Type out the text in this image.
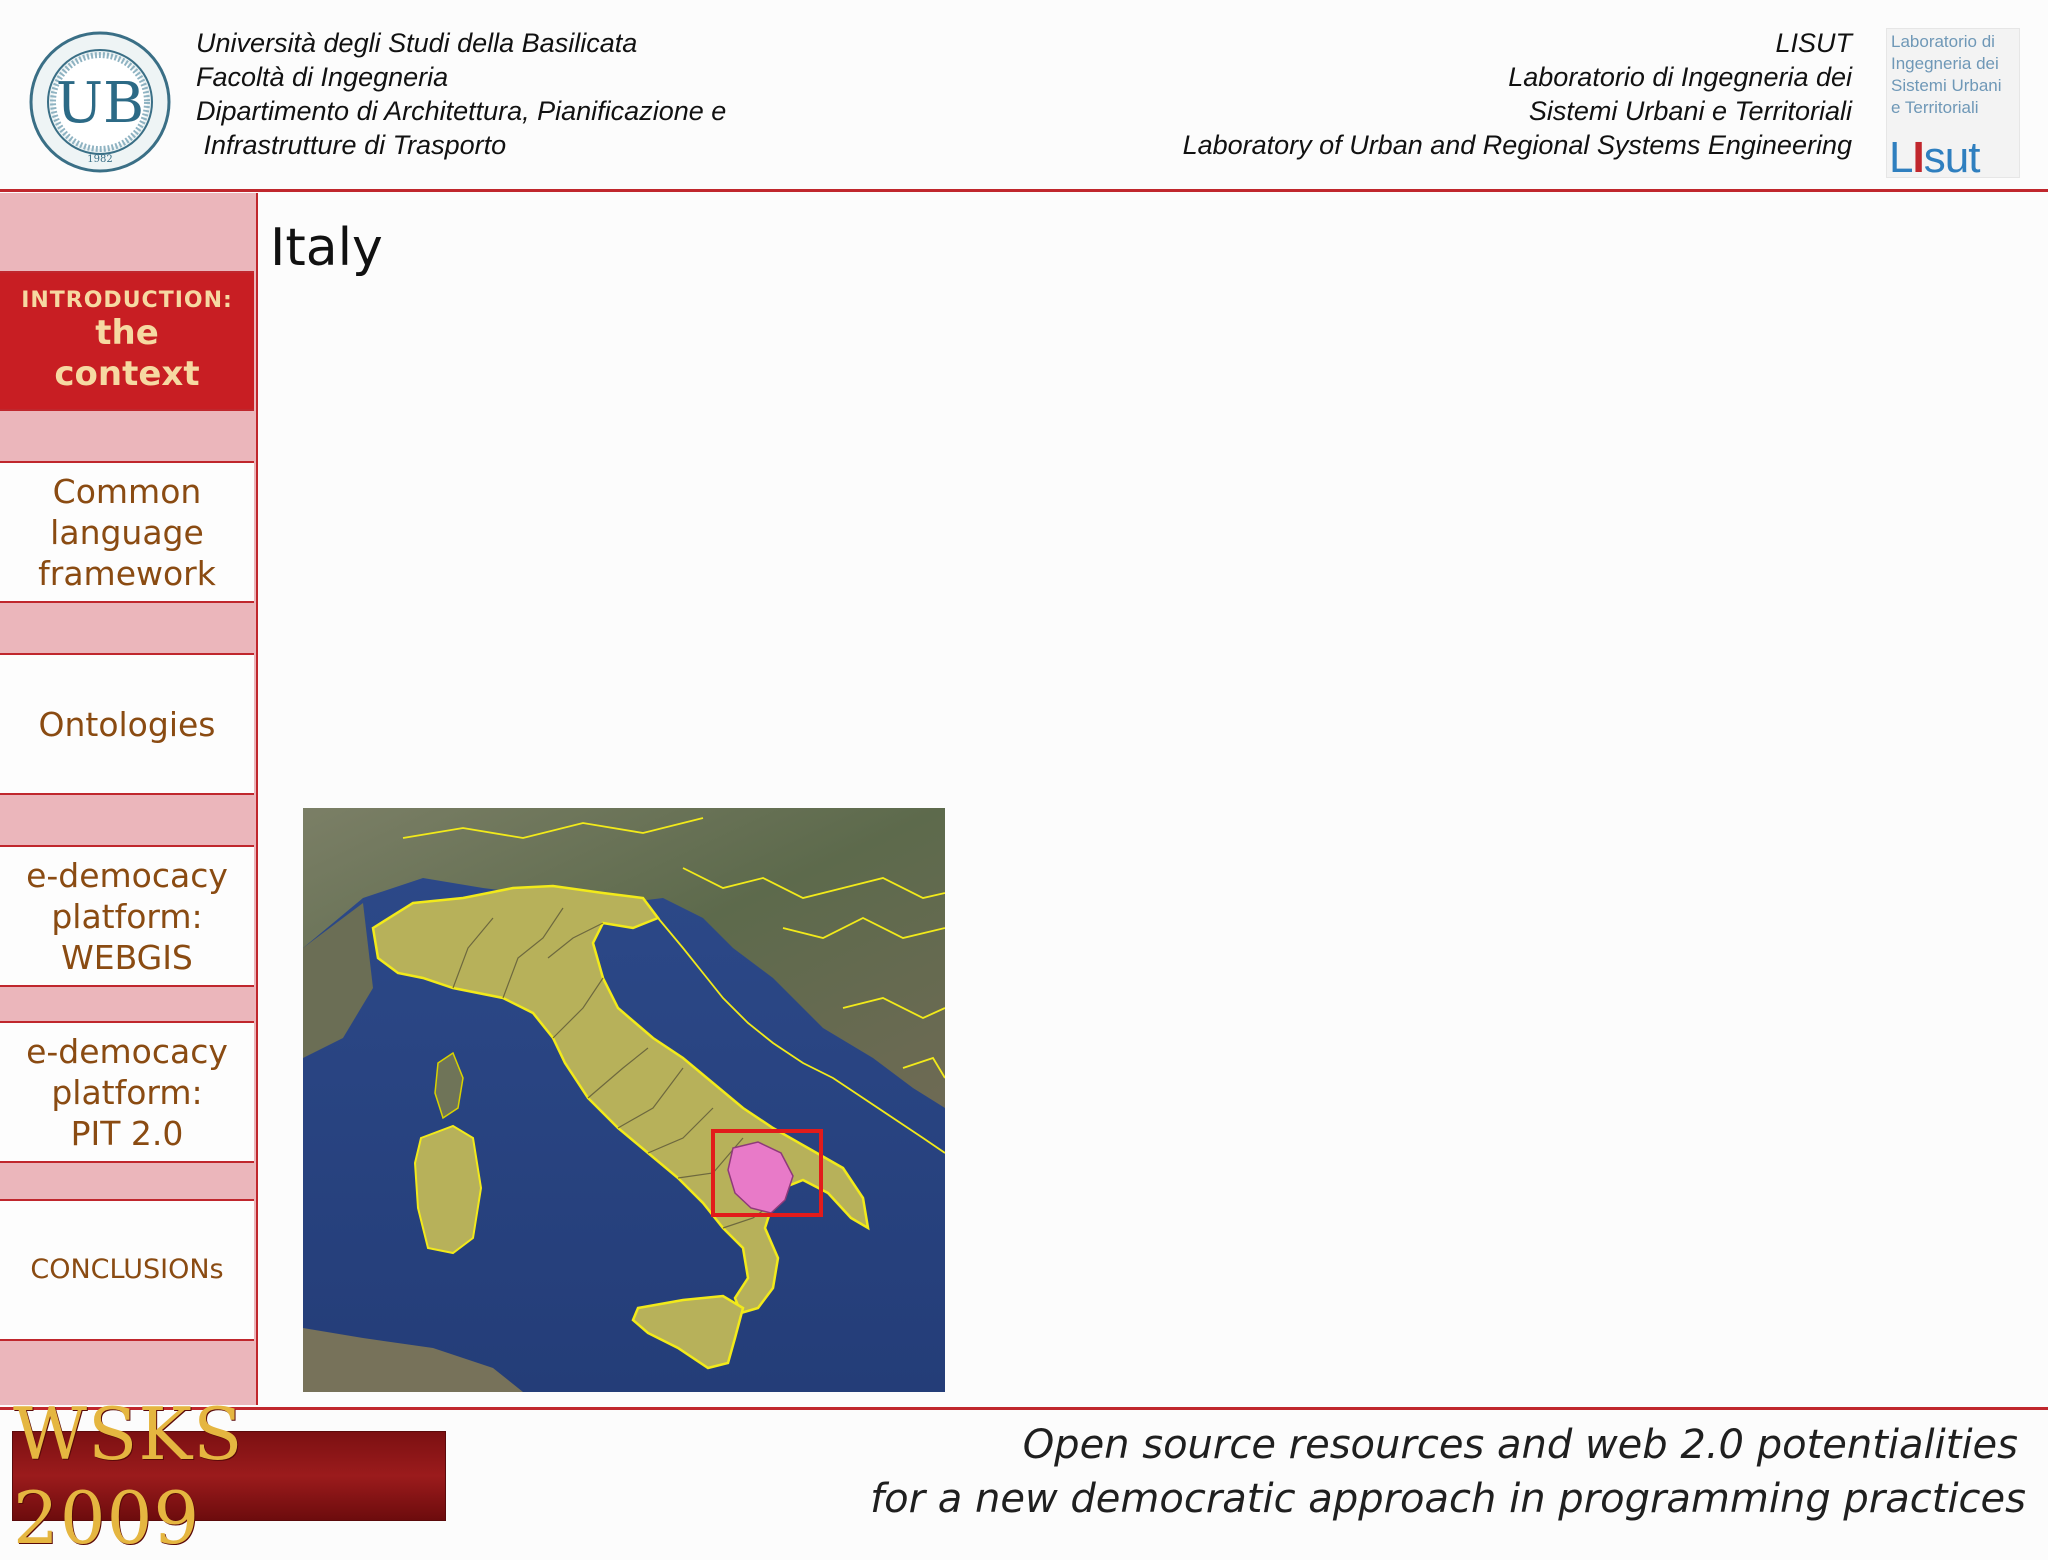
UB
1982
Università degli Studi della Basilicata
Facoltà di Ingegneria
Dipartimento di Architettura, Pianificazione e
Infrastrutture di Trasporto
LISUT
Laboratorio di Ingegneria dei
Sistemi Urbani e Territoriali
Laboratory of Urban and Regional Systems Engineering
Laboratorio di
Ingegneria dei
Sistemi Urbani
e Territoriali
LIsut
INTRODUCTION:
the
context
Common
language
framework
Ontologies
e-democacy
platform:
WEBGIS
e-democacy
platform:
PIT 2.0
CONCLUSIONs
Italy
WSKS 2009
Open source resources and web 2.0 potentialities
for a new democratic approach in programming practices
